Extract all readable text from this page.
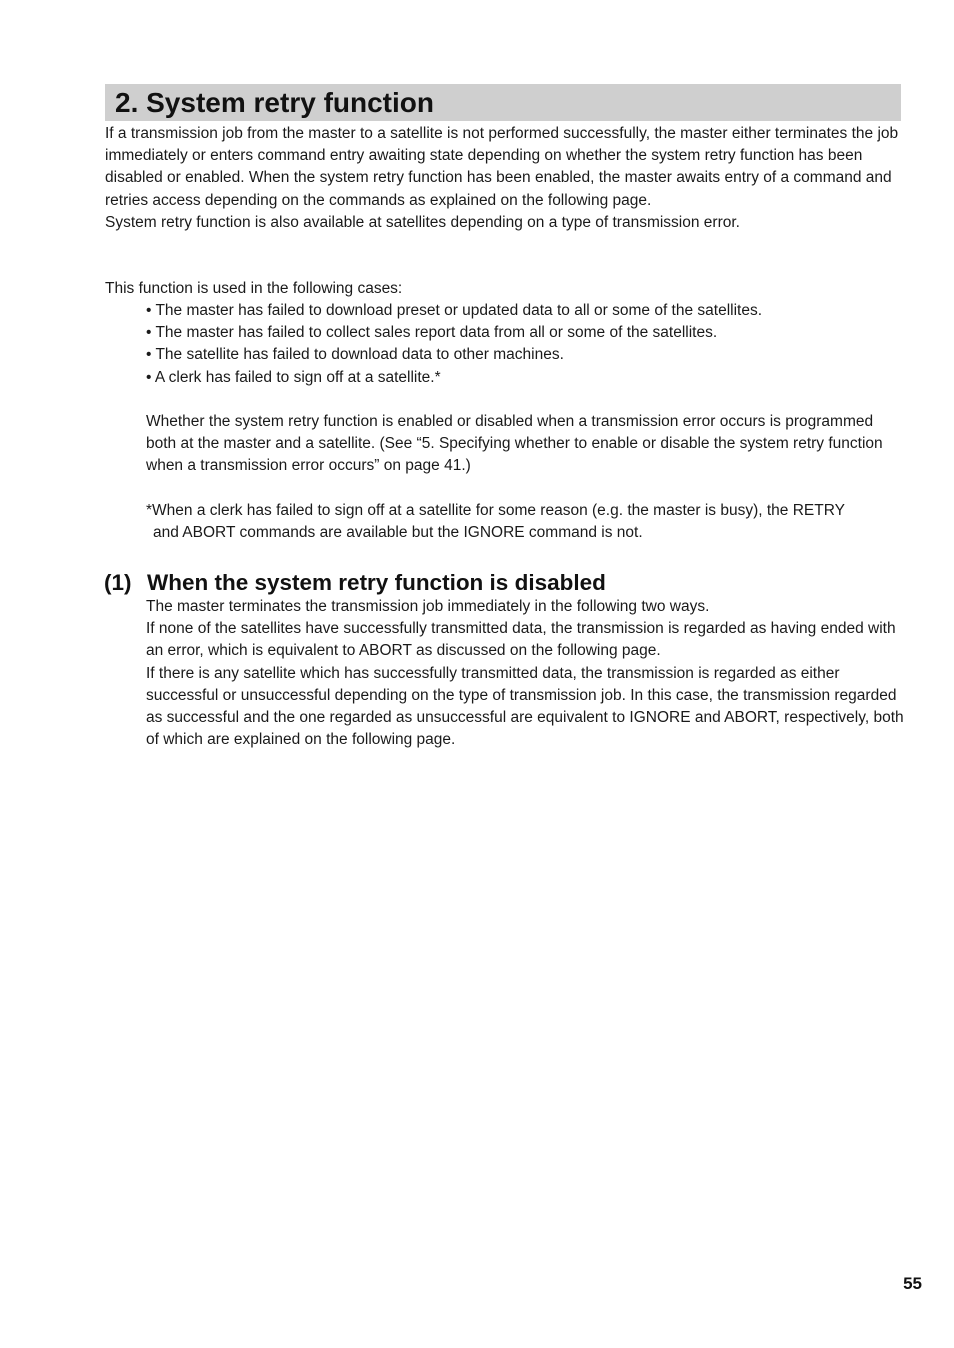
2. System retry function
If a transmission job from the master to a satellite is not performed successfully, the master either terminates the job immediately or enters command entry awaiting state depending on whether the system retry function has been disabled or enabled. When the system retry function has been enabled, the master awaits entry of a command and retries access depending on the commands as explained on the following page.
System retry function is also available at satellites depending on a type of transmission error.
This function is used in the following cases:
• The master has failed to download preset or updated data to all or some of the satellites.
• The master has failed to collect sales report data from all or some of the satellites.
• The satellite has failed to download data to other machines.
• A clerk has failed to sign off at a satellite.*
Whether the system retry function is enabled or disabled when a transmission error occurs is programmed both at the master and a satellite. (See “5. Specifying whether to enable or disable the system retry function when a transmission error occurs” on page 41.)
*When a clerk has failed to sign off at a satellite for some reason (e.g. the master is busy), the RETRY
and ABORT commands are available but the IGNORE command is not.
(1) When the system retry function is disabled

The master terminates the transmission job immediately in the following two ways.

If none of the satellites have successfully transmitted data, the transmission is regarded as having ended with an error, which is equivalent to ABORT as discussed on the following page.

If there is any satellite which has successfully transmitted data, the transmission is regarded as either successful or unsuccessful depending on the type of transmission job. In this case, the transmission regarded as successful and the one regarded as unsuccessful are equivalent to IGNORE and ABORT, respectively, both of which are explained on the following page.

55
